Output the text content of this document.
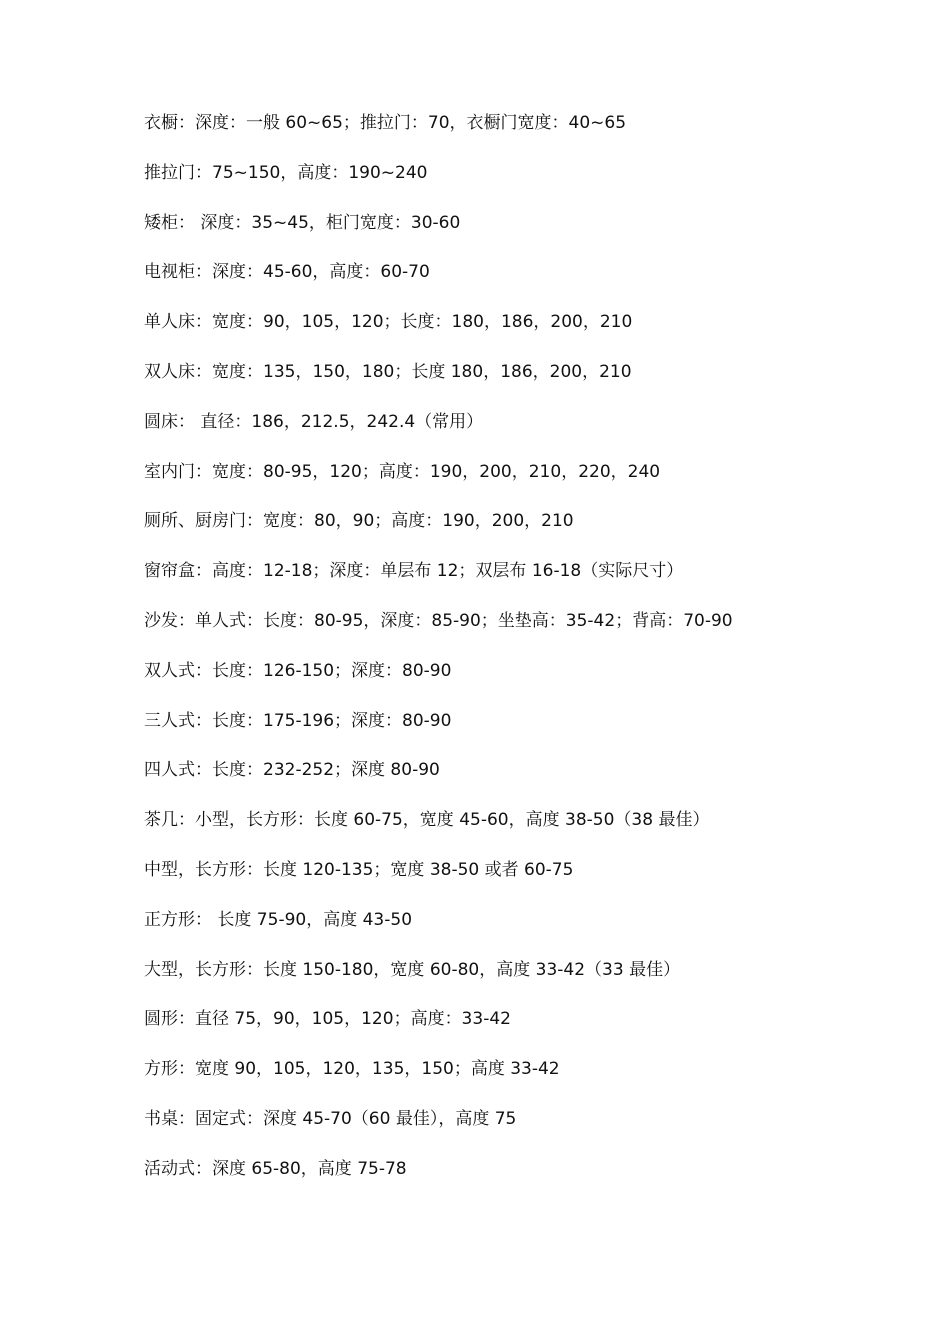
衣橱：深度：一般 60~65；推拉门：70，衣橱门宽度：40~65
推拉门：75~150，高度：190~240
矮柜： 深度：35~45，柜门宽度：30-60
电视柜：深度：45-60，高度：60-70
单人床：宽度：90，105，120；长度：180，186，200，210
双人床：宽度：135，150，180；长度 180，186，200，210
圆床： 直径：186，212.5，242.4（常用）
室内门：宽度：80-95，120；高度：190，200，210，220，240
厕所、厨房门：宽度：80，90；高度：190，200，210
窗帘盒：高度：12-18；深度：单层布 12；双层布 16-18（实际尺寸）
沙发：单人式：长度：80-95，深度：85-90；坐垫高：35-42；背高：70-90
双人式：长度：126-150；深度：80-90
三人式：长度：175-196；深度：80-90
四人式：长度：232-252；深度 80-90
茶几：小型，长方形：长度 60-75，宽度 45-60，高度 38-50（38 最佳）
中型，长方形：长度 120-135；宽度 38-50 或者 60-75
正方形： 长度 75-90，高度 43-50
大型，长方形：长度 150-180，宽度 60-80，高度 33-42（33 最佳）
圆形：直径 75，90，105，120；高度：33-42
方形：宽度 90，105，120，135，150；高度 33-42
书桌：固定式：深度 45-70（60 最佳），高度 75
活动式：深度 65-80，高度 75-78
